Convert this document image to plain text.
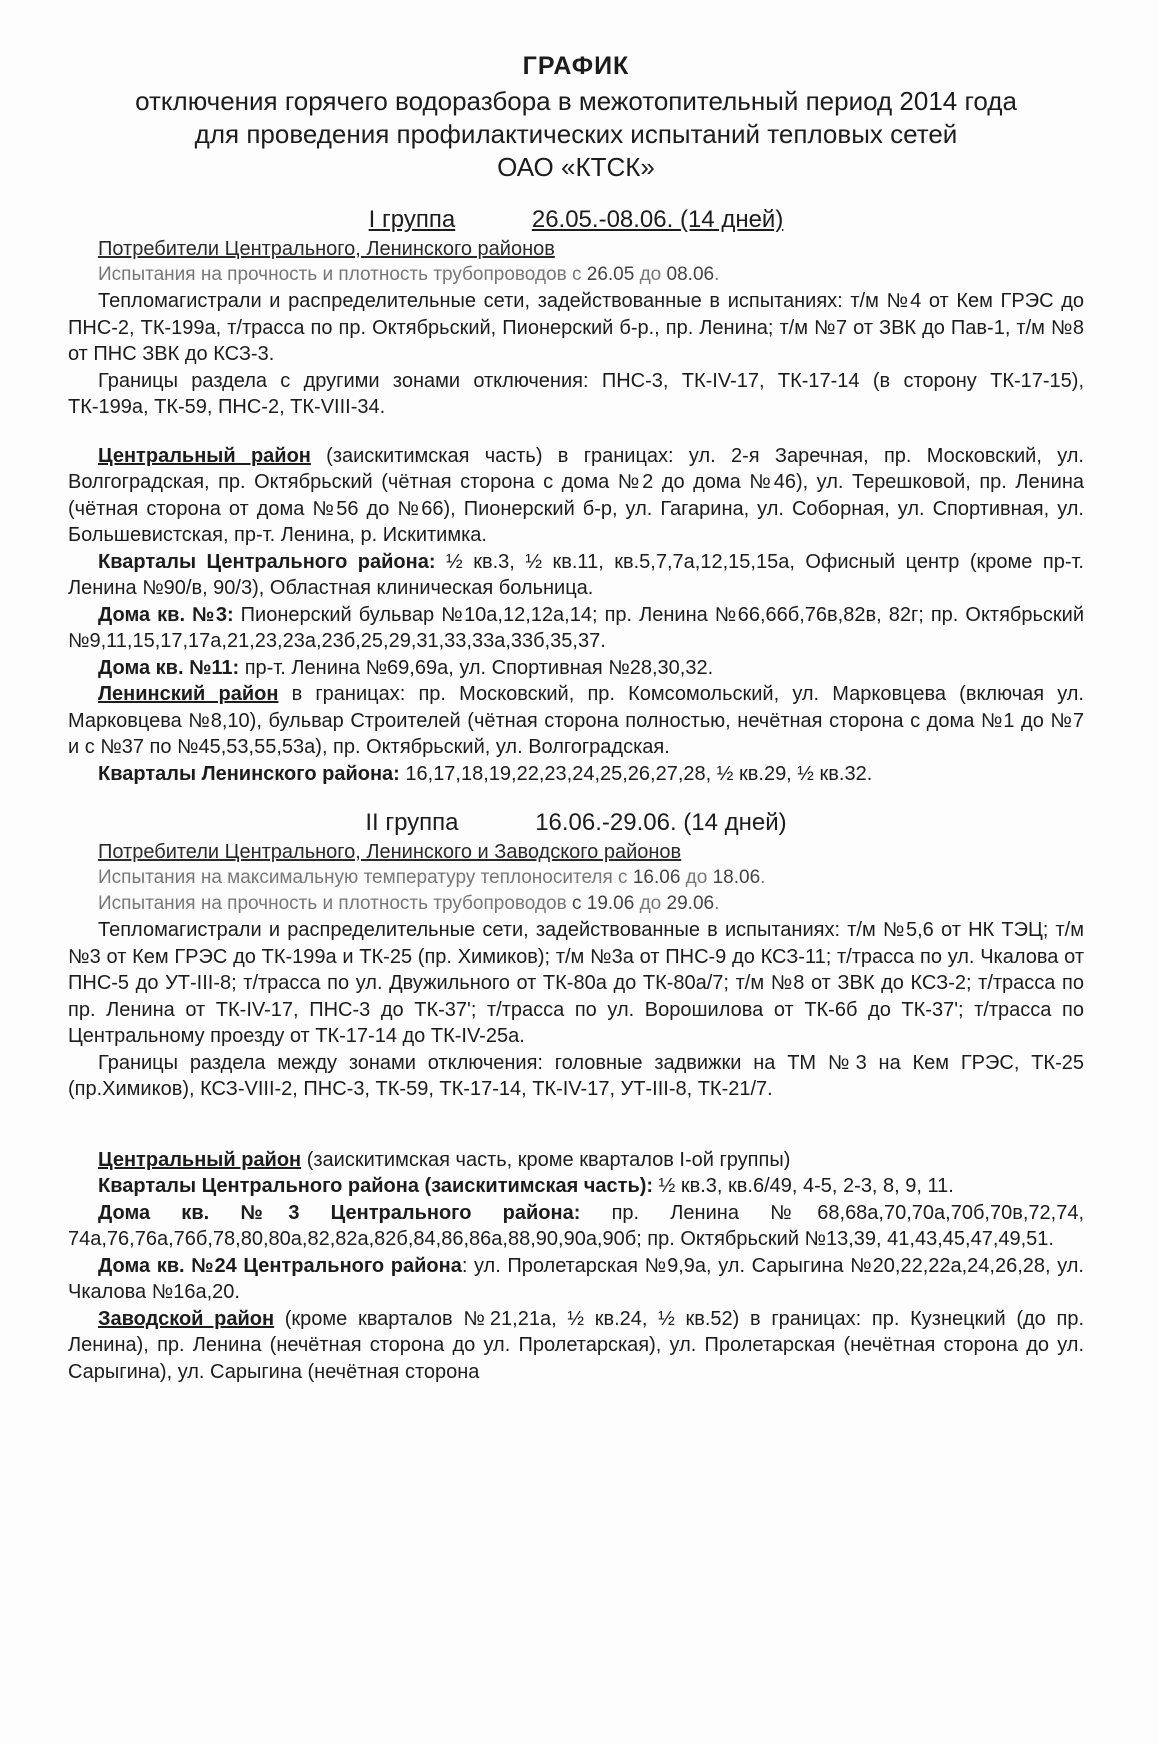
ГРАФИК

отключения горячего водоразбора в межотопительный период 2014 года

для проведения профилактических испытаний тепловых сетей

ОАО «КТСК»

I группа	26.05.-08.06. (14 дней)
Потребители Центрального, Ленинского районов
Испытания на прочность и плотность трубопроводов с 26.05 до 08.06.

Тепломагистрали и распределительные сети, задействованные в испытаниях: т/м №4 от Кем ГРЭС до ПНС-2, ТК-199а, т/трасса по пр. Октябрьский, Пионерский б-р., пр. Ленина; т/м №7 от ЗВК до Пав-1, т/м №8 от ПНС ЗВК до КСЗ-3.

Границы раздела с другими зонами отключения: ПНС-3, ТК-IV-17, ТК-17-14 (в сторону ТК-17-15), ТК-199а, ТК-59, ПНС-2, ТК-VIII-34.

Центральный район (заискитимская часть) в границах: ул. 2-я Заречная, пр. Московский, ул. Волгоградская, пр. Октябрьский (чётная сторона с дома №2 до дома №46), ул. Терешковой, пр. Ленина (чётная сторона от дома №56 до №66), Пионерский б-р, ул. Гагарина, ул. Соборная, ул. Спортивная, ул. Большевистская, пр-т. Ленина, р. Искитимка.

Кварталы Центрального района: ½ кв.3, ½ кв.11, кв.5,7,7а,12,15,15а, Офисный центр (кроме пр-т. Ленина №90/в, 90/3), Областная клиническая больница.

Дома кв. №3: Пионерский бульвар №10а,12,12а,14; пр. Ленина №66,66б,76в,82в, 82г; пр. Октябрьский №9,11,15,17,17а,21,23,23а,23б,25,29,31,33,33а,33б,35,37.

Дома кв. №11: пр-т. Ленина №69,69а, ул. Спортивная №28,30,32.

Ленинский район в границах: пр. Московский, пр. Комсомольский, ул. Марковцева (включая ул. Марковцева №8,10), бульвар Строителей (чётная сторона полностью, нечётная сторона с дома №1 до №7 и с №37 по №45,53,55,53а), пр. Октябрьский, ул. Волгоградская.

Кварталы Ленинского района: 16,17,18,19,22,23,24,25,26,27,28, ½ кв.29, ½ кв.32.

II группа	16.06.-29.06. (14 дней)
Потребители Центрального, Ленинского и Заводского районов
Испытания на максимальную температуру теплоносителя с 16.06 до 18.06.
Испытания на прочность и плотность трубопроводов с 19.06 до 29.06.

Тепломагистрали и распределительные сети, задействованные в испытаниях: т/м №5,6 от НК ТЭЦ; т/м №3 от Кем ГРЭС до ТК-199а и ТК-25 (пр. Химиков); т/м №3а от ПНС-9 до КСЗ-11; т/трасса по ул. Чкалова от ПНС-5 до УТ-III-8; т/трасса по ул. Двужильного от ТК-80а до ТК-80а/7; т/м №8 от ЗВК до КСЗ-2; т/трасса по пр. Ленина от ТК-IV-17, ПНС-3 до ТК-37'; т/трасса по ул. Ворошилова от ТК-6б до ТК-37'; т/трасса по Центральному проезду от ТК-17-14 до ТК-IV-25а.

Границы раздела между зонами отключения: головные задвижки на ТМ №3 на Кем ГРЭС, ТК-25 (пр.Химиков), КСЗ-VIII-2, ПНС-3, ТК-59, ТК-17-14, ТК-IV-17, УТ-III-8, ТК-21/7.

Центральный район (заискитимская часть, кроме кварталов I-ой группы)

Кварталы Центрального района (заискитимская часть): ½ кв.3, кв.6/49, 4-5, 2-3, 8, 9, 11.

Дома кв. №3 Центрального района: пр. Ленина №68,68а,70,70а,70б,70в,72,74, 74а,76,76а,76б,78,80,80а,82,82а,82б,84,86,86а,88,90,90а,90б; пр. Октябрьский №13,39, 41,43,45,47,49,51.

Дома кв. №24 Центрального района: ул. Пролетарская №9,9а, ул. Сарыгина №20,22,22а,24,26,28, ул. Чкалова №16а,20.

Заводской район (кроме кварталов №21,21а, ½ кв.24, ½ кв.52) в границах: пр. Кузнецкий (до пр. Ленина), пр. Ленина (нечётная сторона до ул. Пролетарская), ул. Пролетарская (нечётная сторона до ул. Сарыгина), ул. Сарыгина (нечётная сторона
